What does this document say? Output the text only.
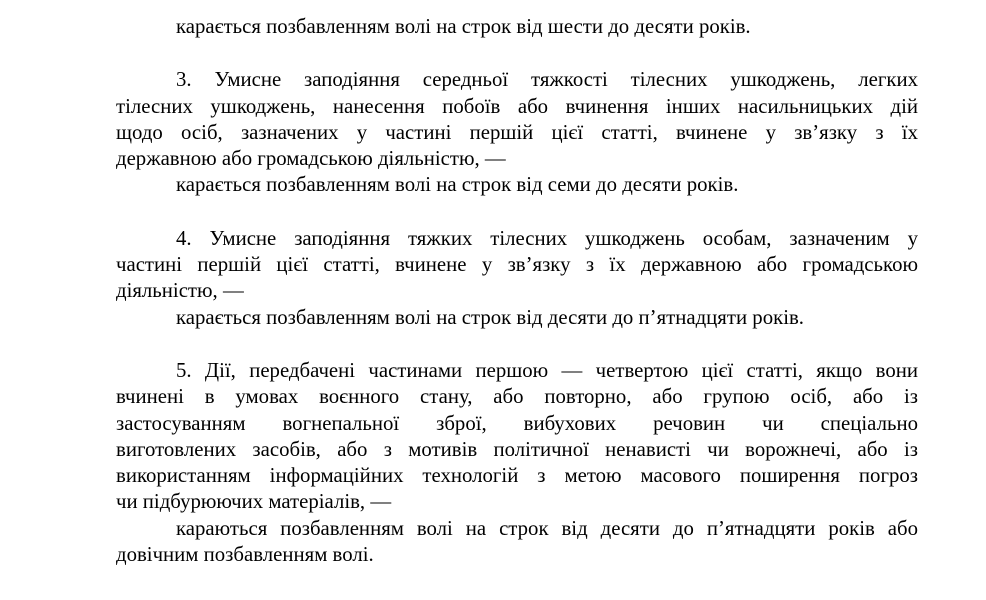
карається позбавленням волі на строк від шести до десяти років.
3. Умисне заподіяння середньої тяжкості тілесних ушкоджень, легких
тілесних ушкоджень, нанесення побоїв або вчинення інших насильницьких дій
щодо осіб, зазначених у частині першій цієї статті, вчинене у зв’язку з їх
державною або громадською діяльністю, —
карається позбавленням волі на строк від семи до десяти років.
4. Умисне заподіяння тяжких тілесних ушкоджень особам, зазначеним у
частині першій цієї статті, вчинене у зв’язку з їх державною або громадською
діяльністю, —
карається позбавленням волі на строк від десяти до п’ятнадцяти років.
5. Дії, передбачені частинами першою — четвертою цієї статті, якщо вони
вчинені в умовах воєнного стану, або повторно, або групою осіб, або із
застосуванням вогнепальної зброї, вибухових речовин чи спеціально
виготовлених засобів, або з мотивів політичної ненависті чи ворожнечі, або із
використанням інформаційних технологій з метою масового поширення погроз
чи підбурюючих матеріалів, —
караються позбавленням волі на строк від десяти до п’ятнадцяти років або
довічним позбавленням волі.
